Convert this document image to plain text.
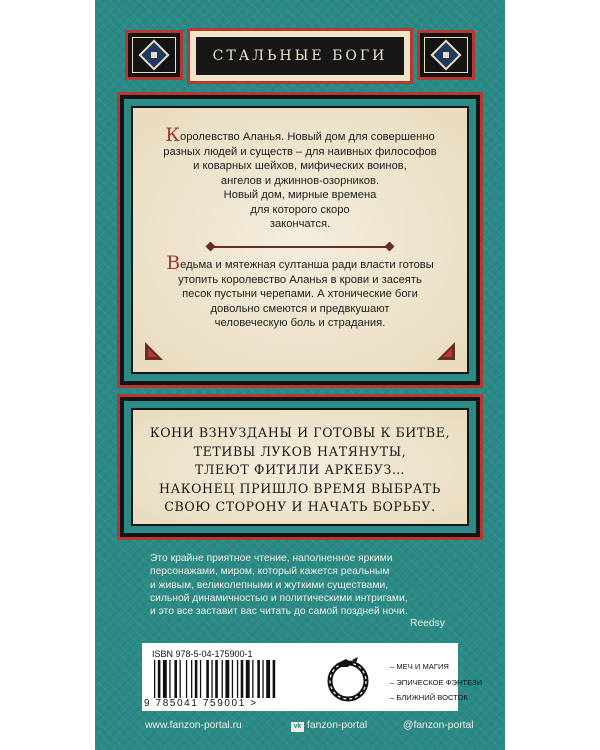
СТАЛЬНЫЕ БОГИ
Королевство Аланья. Новый дом для совершенно
разных людей и существ – для наивных философов
и коварных шейхов, мифических воинов,
ангелов и джиннов-озорников.
Новый дом, мирные времена
для которого скоро
закончатся.
Ведьма и мятежная султанша ради власти готовы
утопить королевство Аланья в крови и засеять
песок пустыни черепами. А хтонические боги
довольно смеются и предвкушают
человеческую боль и страдания.
КОНИ ВЗНУЗДАНЫ И ГОТОВЫ К БИТВЕ,
ТЕТИВЫ ЛУКОВ НАТЯНУТЫ,
ТЛЕЮТ ФИТИЛИ АРКЕБУЗ…
НАКОНЕЦ ПРИШЛО ВРЕМЯ ВЫБРАТЬ
СВОЮ СТОРОНУ И НАЧАТЬ БОРЬБУ.
Это крайне приятное чтение, наполненное яркими
персонажами, миром, который кажется реальным
и живым, великолепными и жуткими существами,
сильной динамичностью и политическими интригами,
и это все заставит вас читать до самой поздней ночи.
Reedsy
ISBN 978-5-04-175900-1
9 785041 759001 >
– МЕЧ И МАГИЯ
– ЭПИЧЕСКОЕ ФЭНТЕЗИ
– БЛИЖНИЙ ВОСТОК
www.fanzon-portal.ru	vk fanzon-portal	@fanzon-portal
